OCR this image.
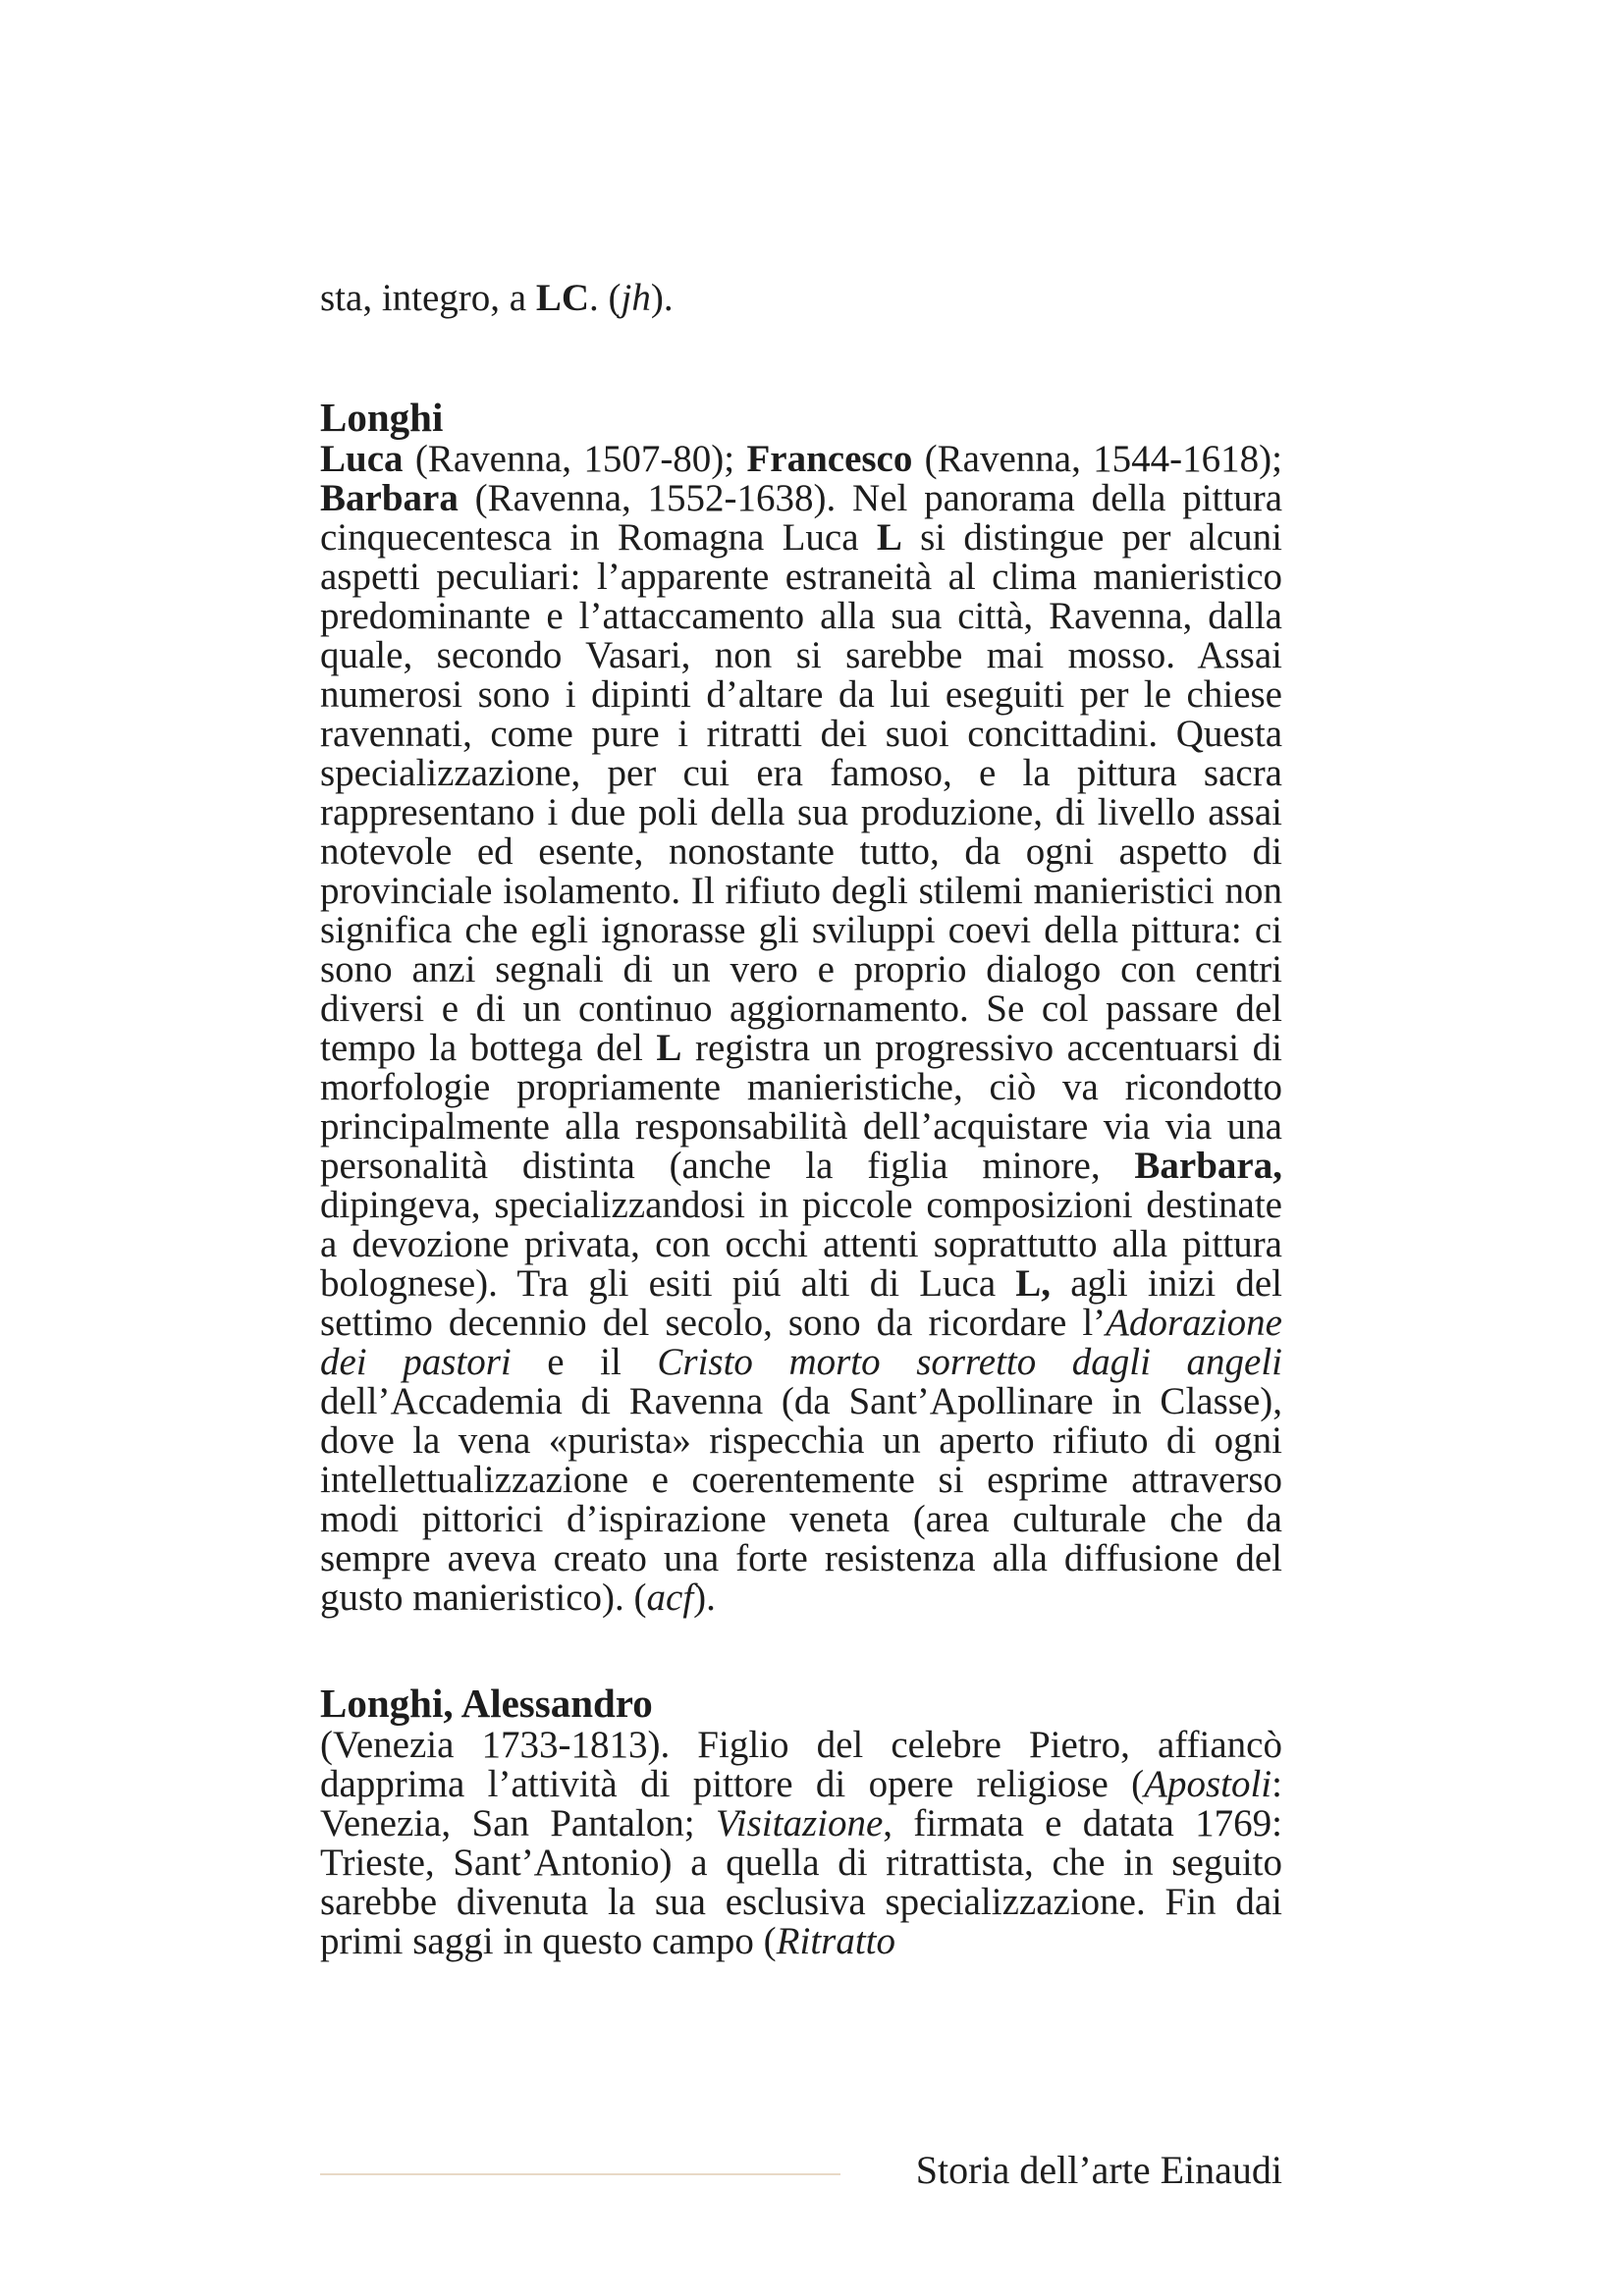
sta, integro, a LC. (jh).

Longhi

Luca (Ravenna, 1507-80); Francesco (Ravenna, 1544-1618); Barbara (Ravenna, 1552-1638). Nel panorama della pittura cinquecentesca in Romagna Luca L si distingue per alcuni aspetti peculiari: l’apparente estraneità al clima manieristico predominante e l’attaccamento alla sua città, Ravenna, dalla quale, secondo Vasari, non si sarebbe mai mosso. Assai numerosi sono i dipinti d’altare da lui eseguiti per le chiese ravennati, come pure i ritratti dei suoi concittadini. Questa specializzazione, per cui era famoso, e la pittura sacra rappresentano i due poli della sua produzione, di livello assai notevole ed esente, nonostante tutto, da ogni aspetto di provinciale isolamento. Il rifiuto degli stilemi manieristici non significa che egli ignorasse gli sviluppi coevi della pittura: ci sono anzi segnali di un vero e proprio dialogo con centri diversi e di un continuo aggiornamento. Se col passare del tempo la bottega del L registra un progressivo accentuarsi di morfologie propriamente manieristiche, ciò va ricondotto principalmente alla responsabilità dell’acquistare via via una personalità distinta (anche la figlia minore, Barbara, dipingeva, specializzandosi in piccole composizioni destinate a devozione privata, con occhi attenti soprattutto alla pittura bolognese). Tra gli esiti piú alti di Luca L, agli inizi del settimo decennio del secolo, sono da ricordare l’Adorazione dei pastori e il Cristo morto sorretto dagli angeli dell’Accademia di Ravenna (da Sant’Apollinare in Classe), dove la vena «purista» rispecchia un aperto rifiuto di ogni intellettualizzazione e coerentemente si esprime attraverso modi pittorici d’ispirazione veneta (area culturale che da sempre aveva creato una forte resistenza alla diffusione del gusto manieristico). (acf).

Longhi, Alessandro

(Venezia 1733-1813). Figlio del celebre Pietro, affiancò dapprima l’attività di pittore di opere religiose (Apostoli: Venezia, San Pantalon; Visitazione, firmata e datata 1769: Trieste, Sant’Antonio) a quella di ritrattista, che in seguito sarebbe divenuta la sua esclusiva specializzazione. Fin dai primi saggi in questo campo (Ritratto

Storia dell’arte Einaudi
